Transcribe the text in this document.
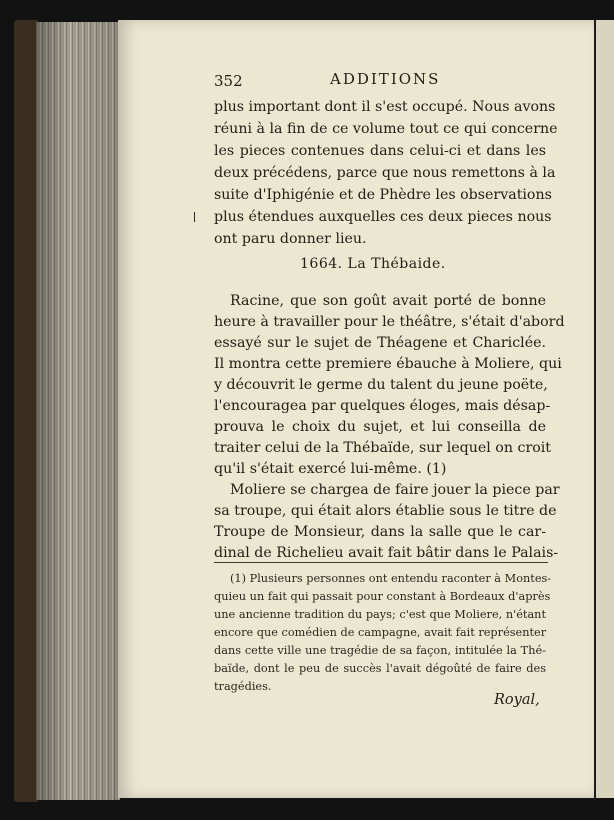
352	ADDITIONS
plus important dont il s'est occupé. Nous avons
réuni à la fin de ce volume tout ce qui concerne
les pieces contenues dans celui-ci et dans les
deux précédens, parce que nous remettons à la
suite d'Iphigénie et de Phèdre les observations
plus étendues auxquelles ces deux pieces nous
ont paru donner lieu.
1664. La Thébaide.
Racine, que son goût avait porté de bonne
heure à travailler pour le théâtre, s'était d'abord
essayé sur le sujet de Théagene et Chariclée.
Il montra cette premiere ébauche à Moliere, qui
y découvrit le germe du talent du jeune poëte,
l'encouragea par quelques éloges, mais désap-
prouva le choix du sujet, et lui conseilla de
traiter celui de la Thébaïde, sur lequel on croit
qu'il s'était exercé lui-même. (1)
Moliere se chargea de faire jouer la piece par
sa troupe, qui était alors établie sous le titre de
Troupe de Monsieur, dans la salle que le car-
dinal de Richelieu avait fait bâtir dans le Palais-
(1) Plusieurs personnes ont entendu raconter à Montes-
quieu un fait qui passait pour constant à Bordeaux d'après
une ancienne tradition du pays; c'est que Moliere, n'étant
encore que comédien de campagne, avait fait représenter
dans cette ville une tragédie de sa façon, intitulée la Thé-
baïde, dont le peu de succès l'avait dégoûté de faire des
tragédies.
Royal,
